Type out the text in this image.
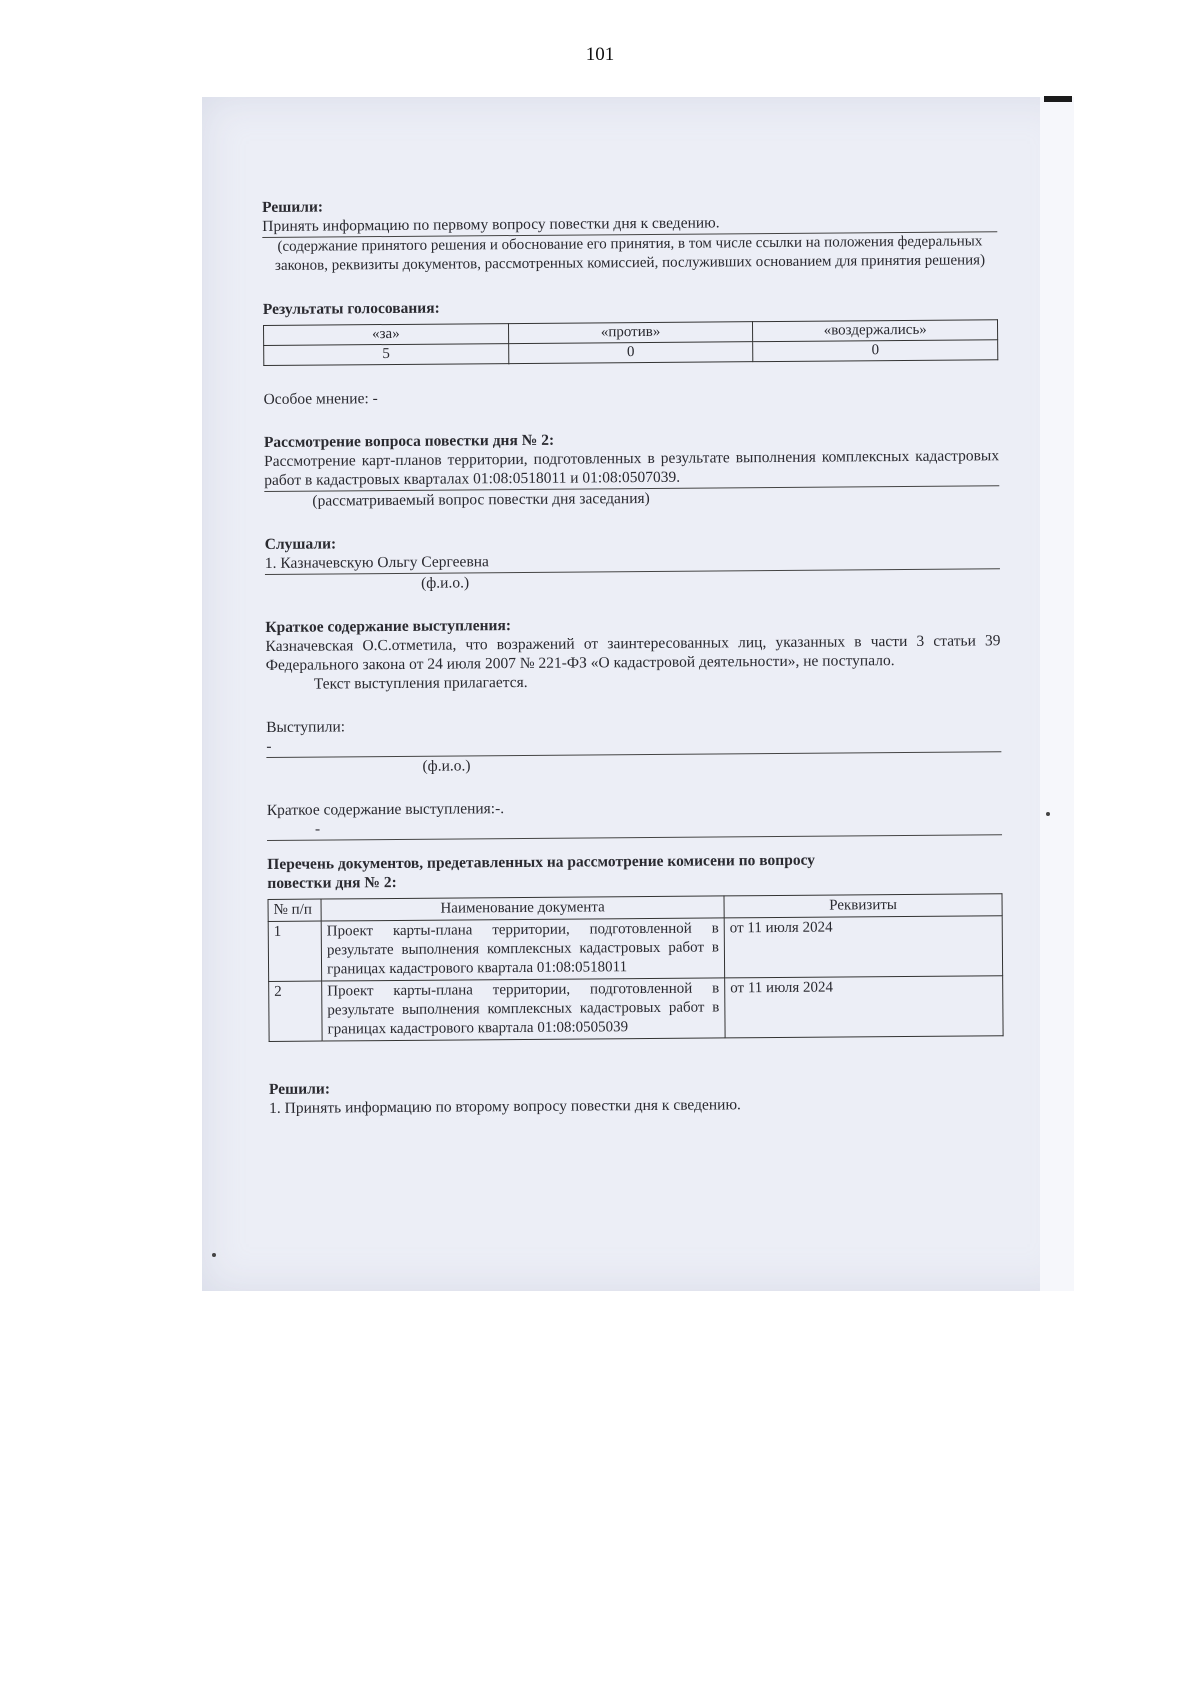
101
Решили:
Принять информацию по первому вопросу повестки дня к сведению.
(содержание принятого решения и обоснование его принятия, в том числе ссылки на положения федеральных законов, реквизиты документов, рассмотренных комиссией, послуживших основанием для принятия решения)
Результаты голосования:
«за»	«против»	«воздержались»
5	0	0
Особое мнение: -
Рассмотрение вопроса повестки дня № 2:
Рассмотрение карт-планов территории, подготовленных в результате выполнения комплексных кадастровых работ в кадастровых кварталах 01:08:0518011 и 01:08:0507039.
(рассматриваемый вопрос повестки дня заседания)
Слушали:
1. Казначевскую Ольгу Сергеевна
(ф.и.о.)
Краткое содержание выступления:
Казначевская О.С.отметила, что возражений от заинтересованных лиц, указанных в части 3 статьи 39 Федерального закона от 24 июля 2007 № 221-ФЗ «О кадастровой деятельности», не поступало.
Текст выступления прилагается.
Выступили:
-
(ф.и.о.)
Краткое содержание выступления:-.
-
Перечень документов, предетавленных на рассмотрение комисени по вопросу повестки дня № 2:
№ п/п	Наименование документа	Реквизиты
1	Проект карты-плана территории, подготовленной в результате выполнения комплексных кадастровых работ в границах кадастрового квартала 01:08:0518011	от 11 июля 2024
2	Проект карты-плана территории, подготовленной в результате выполнения комплексных кадастровых работ в границах кадастрового квартала 01:08:0505039	от 11 июля 2024
Решили:
1. Принять информацию по второму вопросу повестки дня к сведению.
